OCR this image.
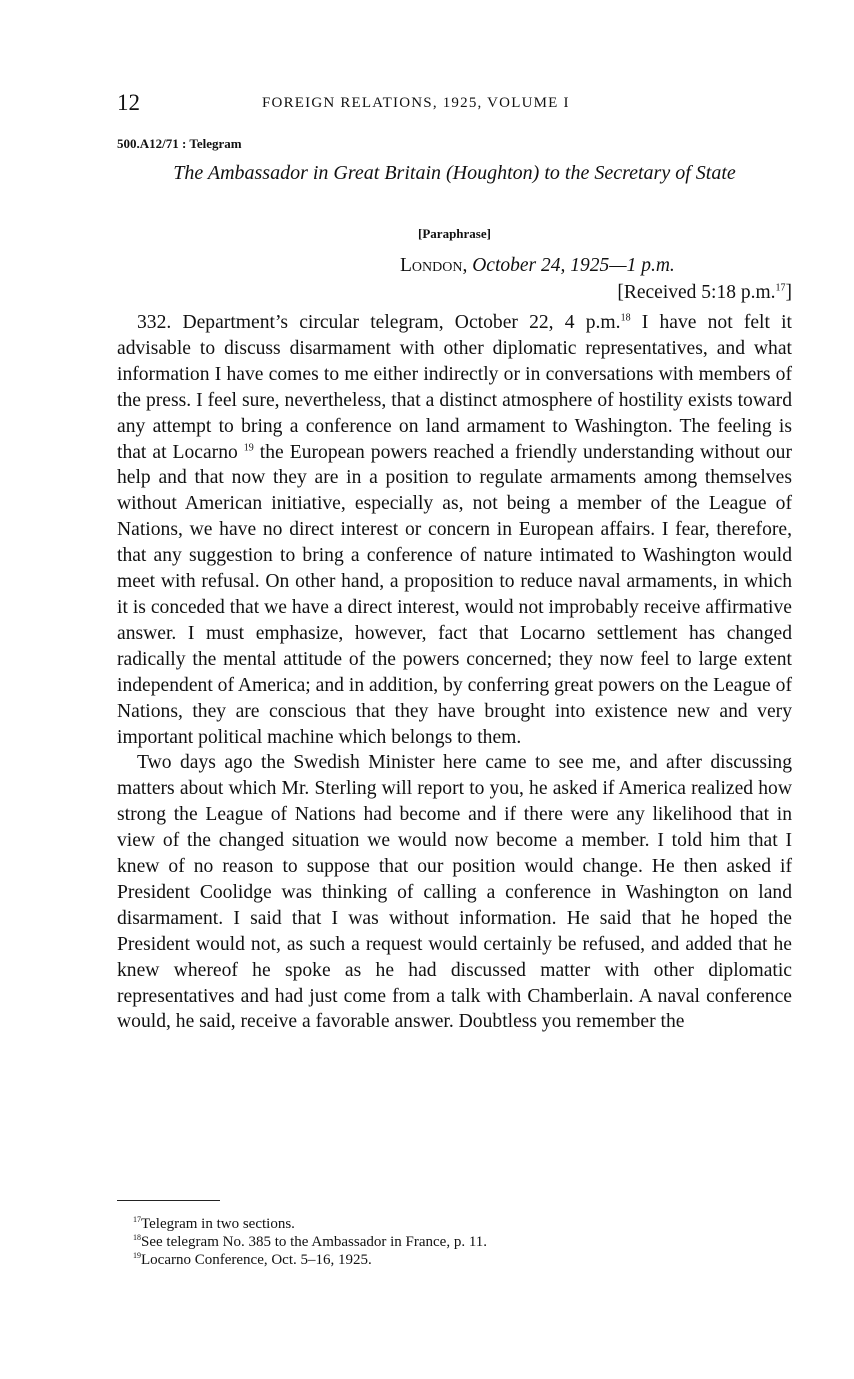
12	FOREIGN RELATIONS, 1925, VOLUME I
500.A12/71 : Telegram
The Ambassador in Great Britain (Houghton) to the Secretary of State
[Paraphrase]
London, October 24, 1925—1 p.m.
[Received 5:18 p.m.$^{17}$]

332. Department’s circular telegram, October 22, 4 p.m.$^{18}$ I have not felt it advisable to discuss disarmament with other diplomatic representatives, and what information I have comes to me either indirectly or in conversations with members of the press. I feel sure, nevertheless, that a distinct atmosphere of hostility exists toward any attempt to bring a conference on land armament to Washington. The feeling is that at Locarno $^{19}$ the European powers reached a friendly understanding without our help and that now they are in a position to regulate armaments among themselves without American initiative, especially as, not being a member of the League of Nations, we have no direct interest or concern in European affairs. I fear, therefore, that any suggestion to bring a conference of nature intimated to Washington would meet with refusal. On other hand, a proposition to reduce naval armaments, in which it is conceded that we have a direct interest, would not improbably receive affirmative answer. I must emphasize, however, fact that Locarno settlement has changed radically the mental attitude of the powers concerned; they now feel to large extent independent of America; and in addition, by conferring great powers on the League of Nations, they are conscious that they have brought into existence new and very important political machine which belongs to them.

Two days ago the Swedish Minister here came to see me, and after discussing matters about which Mr. Sterling will report to you, he asked if America realized how strong the League of Nations had become and if there were any likelihood that in view of the changed situation we would now become a member. I told him that I knew of no reason to suppose that our position would change. He then asked if President Coolidge was thinking of calling a conference in Washington on land disarmament. I said that I was without information. He said that he hoped the President would not, as such a request would certainly be refused, and added that he knew whereof he spoke as he had discussed matter with other diplomatic representatives and had just come from a talk with Chamberlain. A naval conference would, he said, receive a favorable answer. Doubtless you remember the

$^{17}$Telegram in two sections.
$^{18}$See telegram No. 385 to the Ambassador in France, p. 11.
$^{19}$Locarno Conference, Oct. 5–16, 1925.
